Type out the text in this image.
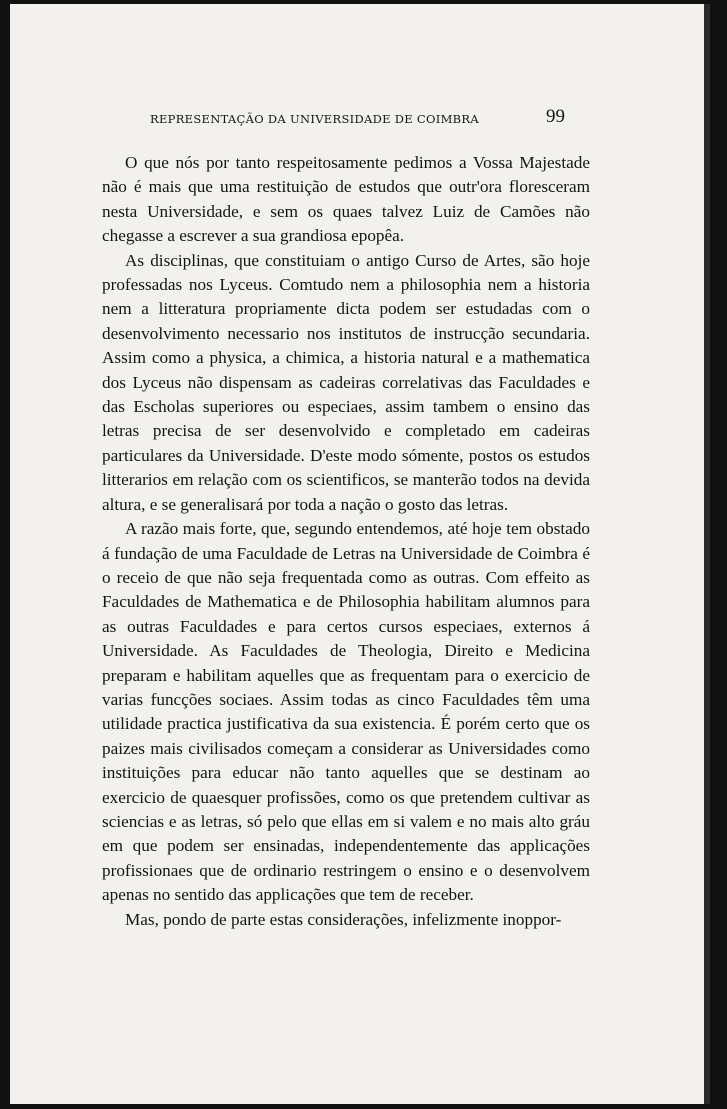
REPRESENTAÇÃO DA UNIVERSIDADE DE COIMBRA	99

O que nós por tanto respeitosamente pedimos a Vossa Majestade não é mais que uma restituição de estudos que outr'ora floresceram nesta Universidade, e sem os quaes talvez Luiz de Camões não chegasse a escrever a sua grandiosa epopêa.

As disciplinas, que constituiam o antigo Curso de Artes, são hoje professadas nos Lyceus. Comtudo nem a philosophia nem a historia nem a litteratura propriamente dicta podem ser estudadas com o desenvolvimento necessario nos institutos de instrucção secundaria. Assim como a physica, a chimica, a historia natural e a mathematica dos Lyceus não dispensam as cadeiras correlativas das Faculdades e das Escholas superiores ou especiaes, assim tambem o ensino das letras precisa de ser desenvolvido e completado em cadeiras particulares da Universidade. D'este modo sómente, postos os estudos litterarios em relação com os scientificos, se manterão todos na devida altura, e se generalisará por toda a nação o gosto das letras.

A razão mais forte, que, segundo entendemos, até hoje tem obstado á fundação de uma Faculdade de Letras na Universidade de Coimbra é o receio de que não seja frequentada como as outras. Com effeito as Faculdades de Mathematica e de Philosophia habilitam alumnos para as outras Faculdades e para certos cursos especiaes, externos á Universidade. As Faculdades de Theologia, Direito e Medicina preparam e habilitam aquelles que as frequentam para o exercicio de varias funcções sociaes. Assim todas as cinco Faculdades têm uma utilidade practica justificativa da sua existencia. É porém certo que os paizes mais civilisados começam a considerar as Universidades como instituições para educar não tanto aquelles que se destinam ao exercicio de quaesquer profissões, como os que pretendem cultivar as sciencias e as letras, só pelo que ellas em si valem e no mais alto gráu em que podem ser ensinadas, independentemente das applicações profissionaes que de ordinario restringem o ensino e o desenvolvem apenas no sentido das applicações que tem de receber.

Mas, pondo de parte estas considerações, infelizmente inoppor-
